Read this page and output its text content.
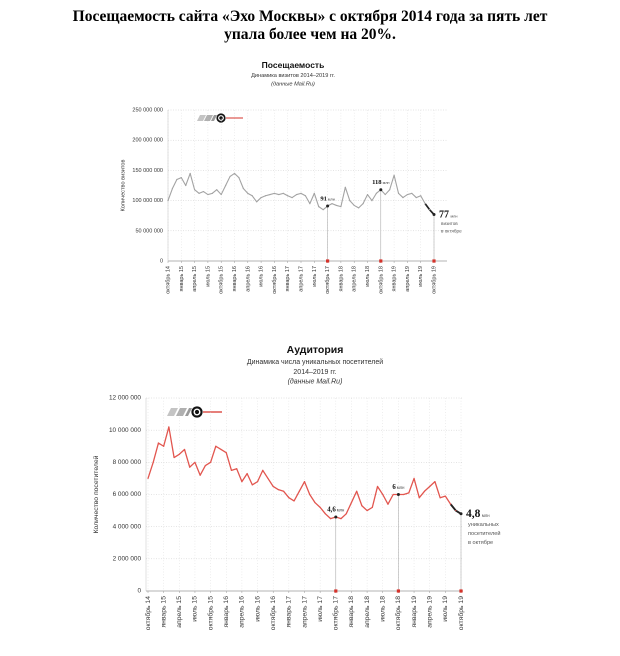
Посещаемость сайта «Эхо Москвы» с октября 2014 года за пять лет
упала более чем на 20%.
Посещаемость
Динамика визитов 2014–2019 гг.
(данные Mail.Ru)
0
50 000 000
100 000 000
150 000 000
200 000 000
250 000 000
октябрь 14 январь 15 апрель 15 июль 15 октябрь 15 январь 16 апрель 16 июль 16 октябрь 16 январь 17 апрель 17 июль 17 октябрь 17 январь 18 апрель 18 июль 18 октябрь 18 январь 19 апрель 19 июль 19 октябрь 19
Количество визитов	91млн
118млн
77 млн
визитов
в октябре
Аудитория
Динамика числа уникальных посетителей
2014–2019 гг.
(данные Mail.Ru)
0
2 000 000
4 000 000
6 000 000
8 000 000
10 000 000
12 000 000
октябрь 14 январь 15 апрель 15 июль 15 октябрь 15 январь 16 апрель 16 июль 16 октябрь 16 январь 17 апрель 17 июль 17 октябрь 17 январь 18 апрель 18 июль 18 октябрь 18 январь 19 апрель 19 июль 19 октябрь 19
Количество посетителей	4,6млн
6млн
4,8 млн
уникальных
посетителей
в октябре
